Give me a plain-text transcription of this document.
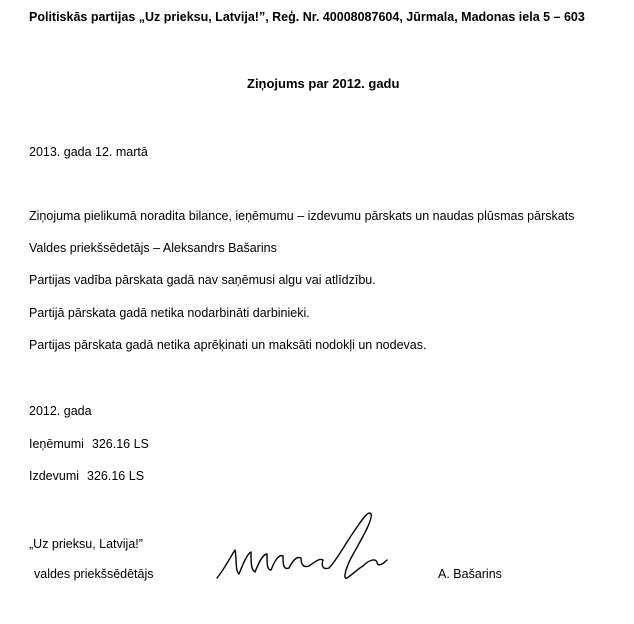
Politiskās partijas „Uz prieksu, Latvija!”, Reģ. Nr. 40008087604, Jūrmala, Madonas iela 5 – 603
Ziņojums par 2012. gadu
2013. gada 12. martā
Ziņojuma pielikumā noradita bilance, ieņēmumu – izdevumu pārskats un naudas plūsmas pārskats
Valdes priekšsēdetājs – Aleksandrs Bašarins
Partijas vadība pārskata gadā nav saņēmusi algu vai atlīdzību.
Partijā pārskata gadā netika nodarbināti darbinieki.
Partijas pārskata gadā netika aprēķinati un maksāti nodokļi un nodevas.
2012. gada
Ieņēmumi 326.16 LS
Izdevumi 326.16 LS
„Uz prieksu, Latvija!”
valdes priekšsēdētājs	A. Bašarins
